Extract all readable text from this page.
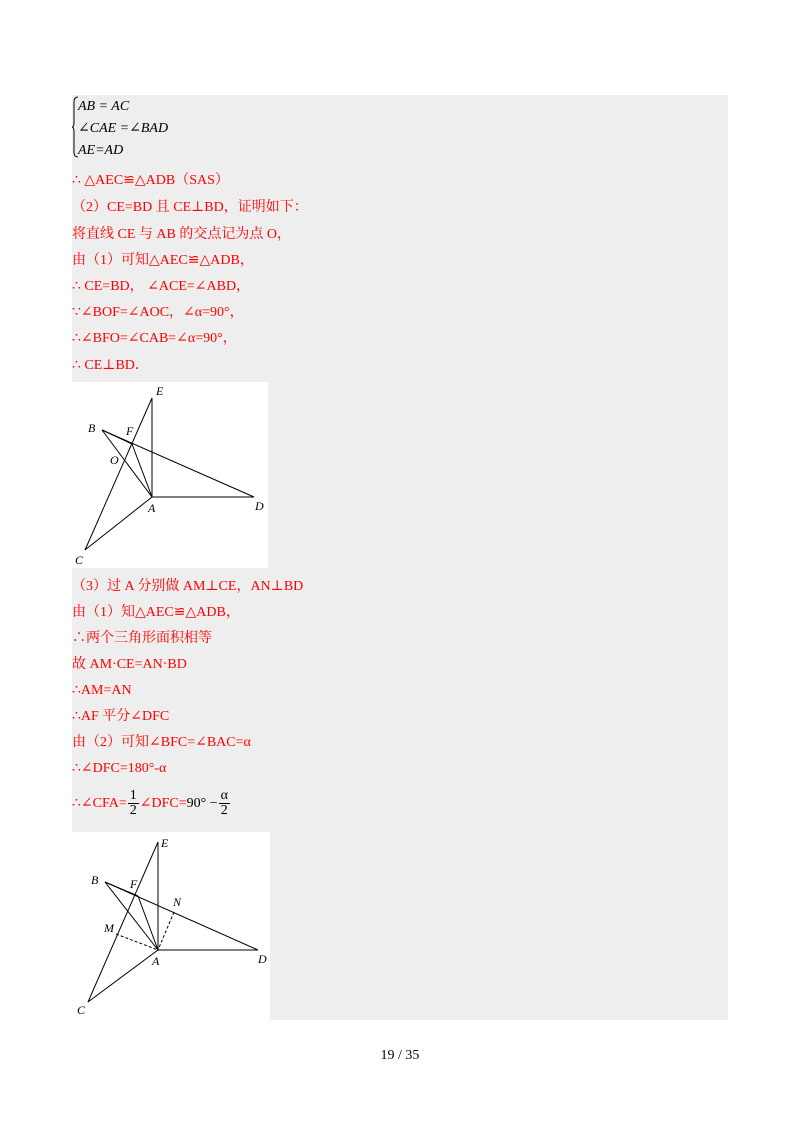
AB = AC
∠CAE =∠BAD
AE=AD
∴ △AEC≌△ADB（SAS）
（2）CE=BD 且 CE⊥BD，证明如下：
将直线 CE 与 AB 的交点记为点 O，
由（1）可知△AEC≌△ADB，
∴ CE=BD， ∠ACE=∠ABD，
∵∠BOF=∠AOC，∠α=90°，
∴∠BFO=∠CAB=∠α=90°，
∴ CE⊥BD．
E
B	F
O
A	D
C
（3）过 A 分别做 AM⊥CE，AN⊥BD
由（1）知△AEC≌△ADB，
∴两个三角形面积相等
故 AM·CE=AN·BD
∴AM=AN
∴AF 平分∠DFC
由（2）可知∠BFC=∠BAC=α
∴∠DFC=180°-α
∴∠CFA= $\frac{1}{2}$ ∠DFC=90° − $\frac{\alpha}{2}$
E
B	F
N
M
A	D
C
19 / 35
